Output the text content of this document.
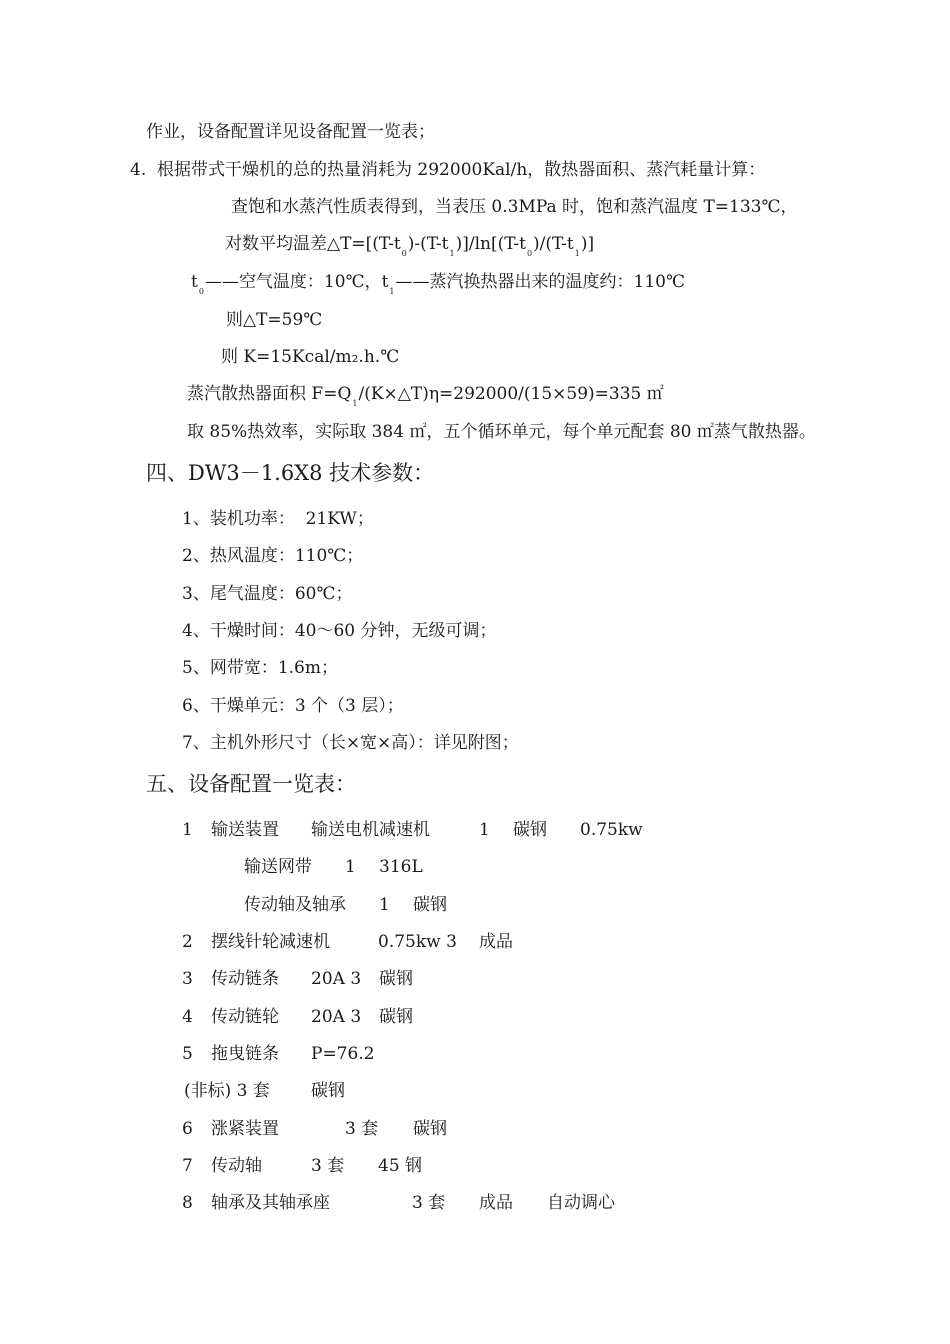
作业，设备配置详见设备配置一览表；
4.  根据带式干燥机的总的热量消耗为 292000Kal/h，散热器面积、蒸汽耗量计算：
查饱和水蒸汽性质表得到，当表压 0.3MPa 时，饱和蒸汽温度 T=133℃，
对数平均温差$\triangle T=[(T-t_0)-(T-t_1)]/\ln[(T-t_0)/(T-t_1)]$
$t_0——$空气温度：10℃，$t_1——$蒸汽换热器出来的温度约：110℃
则△T=59℃
则 K=15Kcal/m₂.h.℃
蒸汽散热器面积 $F=Q_1/(K\times\triangle T)\eta=292000/(15\times 59)=335$ ㎡
取 85%热效率，实际取 384 ㎡，五个循环单元，每个单元配套 80 ㎡蒸气散热器。
四、DW3－1.6X8 技术参数：
1、装机功率：  21KW；
2、热风温度：110℃；
3、尾气温度：60℃；
4、干燥时间：40～60 分钟，无级可调；
5、网带宽：1.6m；
6、干燥单元：3 个（3 层）；
7、主机外形尺寸（长×宽×高）：详见附图；
五、设备配置一览表：
1 输送装置 输送电机减速机	1 碳钢 0.75kw
输送网带 1 316L
传动轴及轴承 1 碳钢
2 摆线针轮减速机	0.75kw 3 成品
3 传动链条 20A 3 碳钢
4 传动链轮 20A 3 碳钢
5 拖曳链条 P=76.2
(非标) 3 套 碳钢
6 涨紧装置	3 套 碳钢
7 传动轴	3 套 45 钢
8 轴承及其轴承座	3 套 成品 自动调心
